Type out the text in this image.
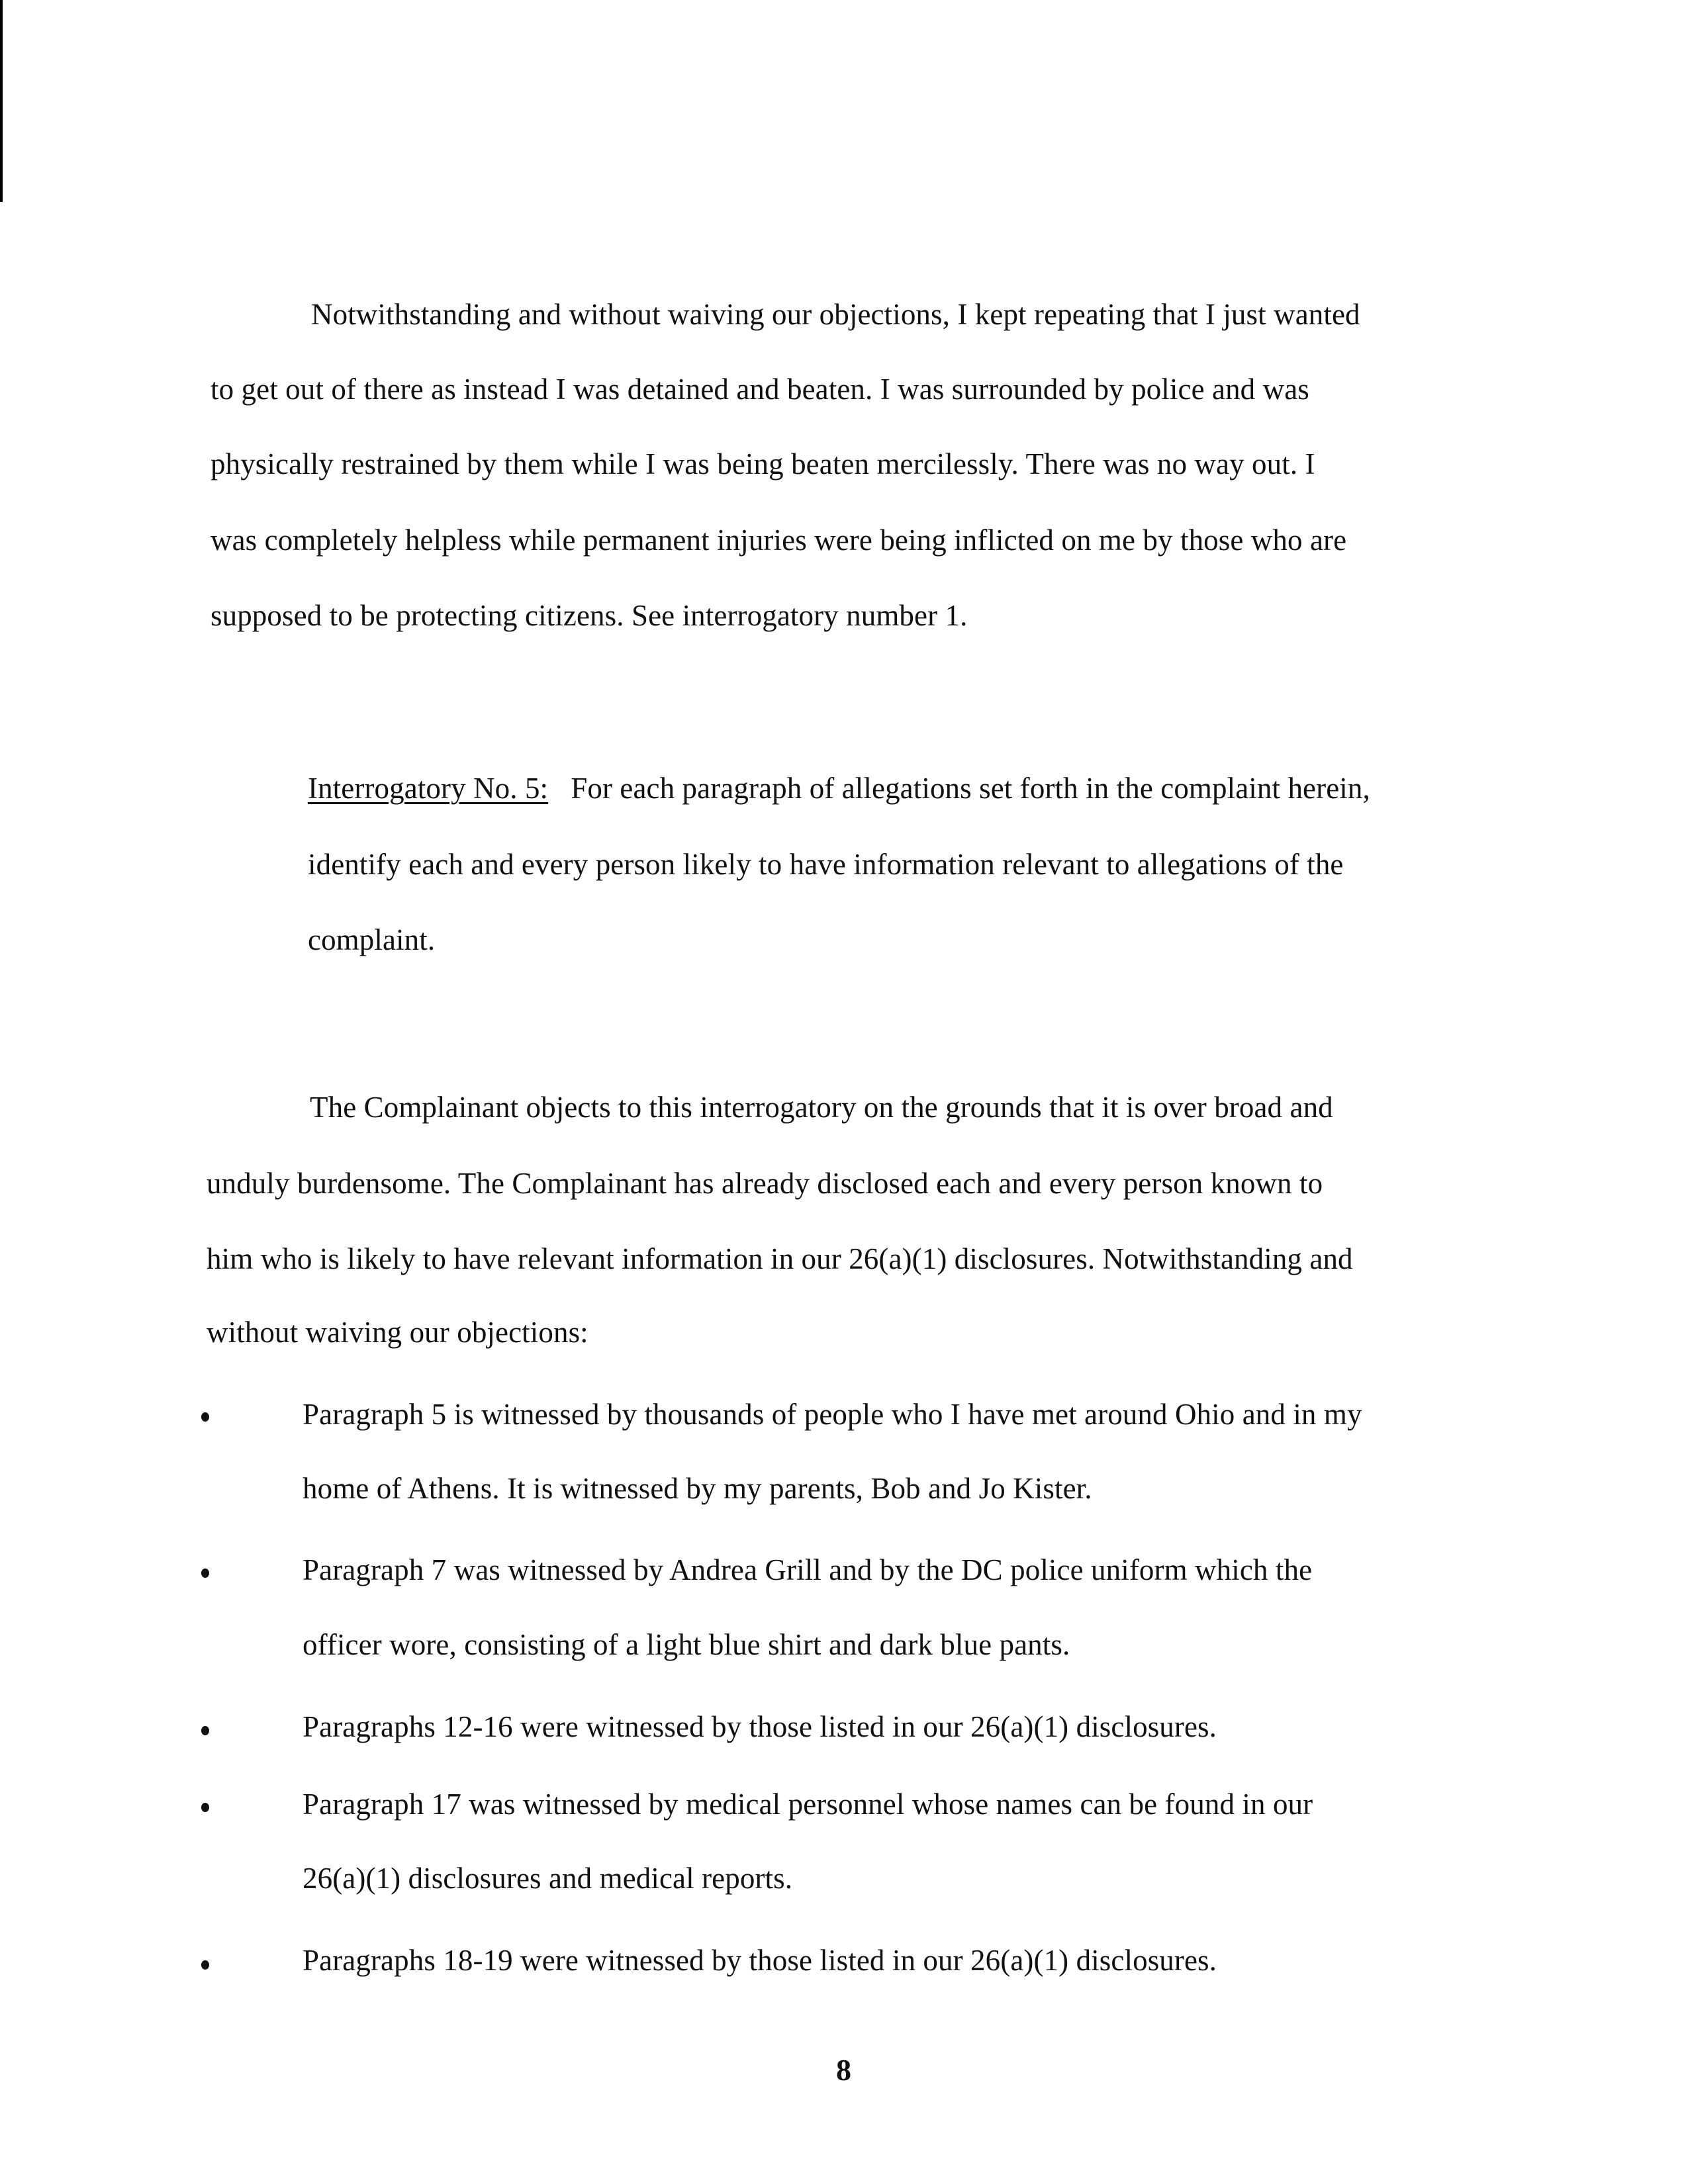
Notwithstanding and without waiving our objections, I kept repeating that I just wanted
to get out of there as instead I was detained and beaten. I was surrounded by police and was
physically restrained by them while I was being beaten mercilessly. There was no way out. I
was completely helpless while permanent injuries were being inflicted on me by those who are
supposed to be protecting citizens. See interrogatory number 1.
Interrogatory No. 5: For each paragraph of allegations set forth in the complaint herein,
identify each and every person likely to have information relevant to allegations of the
complaint.
The Complainant objects to this interrogatory on the grounds that it is over broad and
unduly burdensome. The Complainant has already disclosed each and every person known to
him who is likely to have relevant information in our 26(a)(1) disclosures. Notwithstanding and
without waiving our objections:
Paragraph 5 is witnessed by thousands of people who I have met around Ohio and in my
home of Athens. It is witnessed by my parents, Bob and Jo Kister.
Paragraph 7 was witnessed by Andrea Grill and by the DC police uniform which the
officer wore, consisting of a light blue shirt and dark blue pants.
Paragraphs 12-16 were witnessed by those listed in our 26(a)(1) disclosures.
Paragraph 17 was witnessed by medical personnel whose names can be found in our
26(a)(1) disclosures and medical reports.
Paragraphs 18-19 were witnessed by those listed in our 26(a)(1) disclosures.
8
